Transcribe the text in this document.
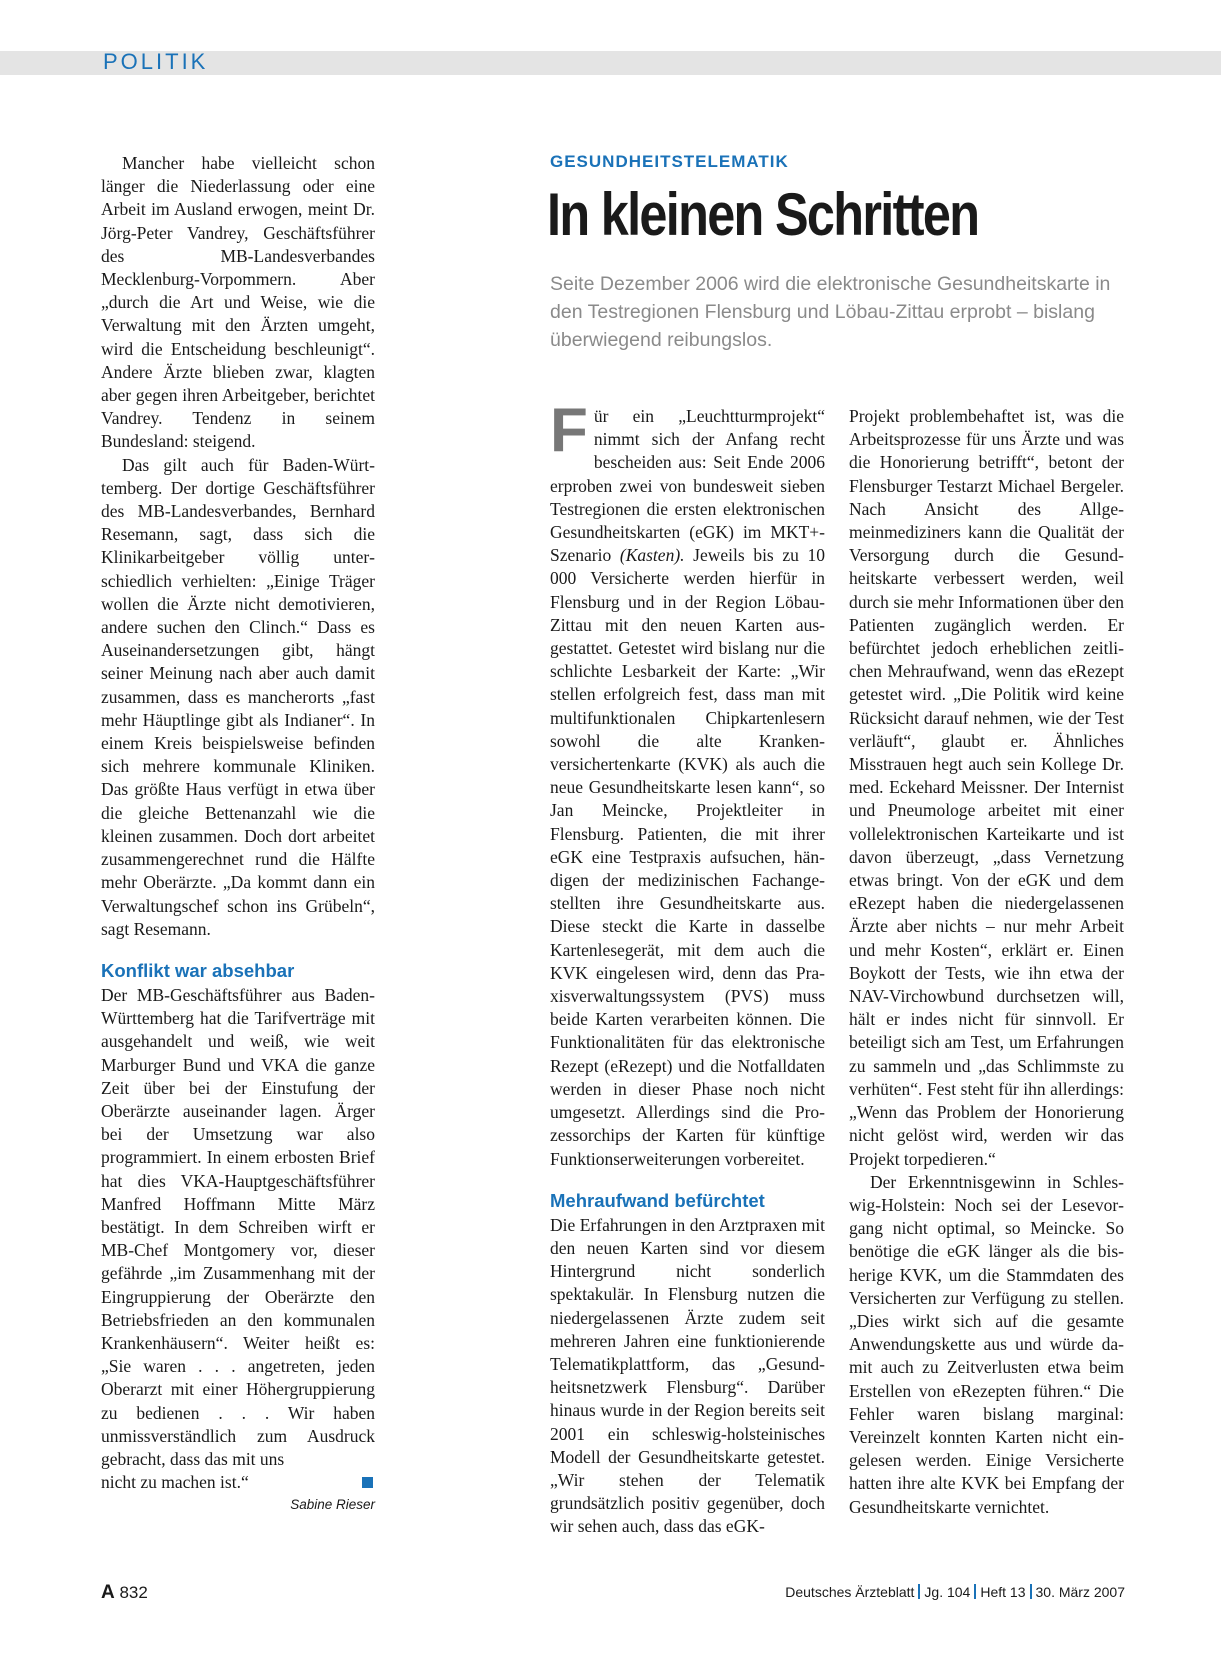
POLITIK
GESUNDHEITSTELEMATIK
In kleinen Schritten
Seite Dezember 2006 wird die elektronische Gesundheitskarte in den Testregionen Flensburg und Löbau-Zittau erprobt – bislang überwiegend reibungslos.

Mancher habe vielleicht schon länger die Niederlassung oder eine Arbeit im Ausland erwogen, meint Dr. Jörg-Peter Vandrey, Geschäftsführer des MB-Landesverbandes Mecklenburg-Vorpommern. Aber „durch die Art und Weise, wie die Verwaltung mit den Ärzten umgeht, wird die Entscheidung beschleunigt“. Andere Ärzte blieben zwar, klagten aber gegen ihren Arbeitgeber, berichtet Vandrey. Tendenz in seinem Bundesland: steigend.

Das gilt auch für Baden-Württemberg. Der dortige Geschäftsführer des MB-Landesverbandes, Bernhard Resemann, sagt, dass sich die Klinikarbeitgeber völlig unterschiedlich verhielten: „Einige Träger wollen die Ärzte nicht demotivieren, andere suchen den Clinch.“ Dass es Auseinandersetzungen gibt, hängt seiner Meinung nach aber auch damit zusammen, dass es mancherorts „fast mehr Häuptlinge gibt als Indianer“. In einem Kreis beispielsweise befinden sich mehrere kommunale Kliniken. Das größte Haus verfügt in etwa über die gleiche Bettenanzahl wie die kleinen zusammen. Doch dort arbeitet zusammengerechnet rund die Hälfte mehr Oberärzte. „Da kommt dann ein Verwaltungschef schon ins Grübeln“, sagt Resemann.

Konflikt war absehbar

Der MB-Geschäftsführer aus Baden-Württemberg hat die Tarifverträge mit ausgehandelt und weiß, wie weit Marburger Bund und VKA die ganze Zeit über bei der Einstufung der Oberärzte auseinander lagen. Ärger bei der Umsetzung war also programmiert. In einem erbosten Brief hat dies VKA-Hauptgeschäftsführer Manfred Hoffmann Mitte März bestätigt. In dem Schreiben wirft er MB-Chef Montgomery vor, dieser gefährde „im Zusammenhang mit der Eingruppierung der Oberärzte den Betriebsfrieden an den kommunalen Krankenhäusern“. Weiter heißt es: „Sie waren . . . angetreten, jeden Oberarzt mit einer Höhergruppierung zu bedienen . . . Wir haben unmissverständlich zum Ausdruck gebracht, dass das mit uns

nicht zu machen ist.“
Sabine Rieser

Für ein „Leuchtturmprojekt“ nimmt sich der Anfang recht bescheiden aus: Seit Ende 2006 erproben zwei von bundesweit sieben Testregionen die ersten elektronischen Gesundheitskarten (eGK) im MKT+-Szenario (Kasten). Jeweils bis zu 10 000 Versicherte werden hierfür in Flensburg und in der Region Löbau-Zittau mit den neuen Karten ausgestattet. Getestet wird bislang nur die schlichte Lesbarkeit der Karte: „Wir stellen erfolgreich fest, dass man mit multifunktionalen Chipkartenlesern sowohl die alte Krankenversichertenkarte (KVK) als auch die neue Gesundheitskarte lesen kann“, so Jan Meincke, Projektleiter in Flensburg. Patienten, die mit ihrer eGK eine Testpraxis aufsuchen, händigen der medizinischen Fachangestellten ihre Gesundheitskarte aus. Diese steckt die Karte in dasselbe Kartenlesegerät, mit dem auch die KVK eingelesen wird, denn das Praxisverwaltungssystem (PVS) muss beide Karten verarbeiten können. Die Funktionalitäten für das elektronische Rezept (eRezept) und die Notfalldaten werden in dieser Phase noch nicht umgesetzt. Allerdings sind die Prozessorchips der Karten für künftige Funktionserweiterungen vorbereitet.

Mehraufwand befürchtet

Die Erfahrungen in den Arztpraxen mit den neuen Karten sind vor diesem Hintergrund nicht sonderlich spektakulär. In Flensburg nutzen die niedergelassenen Ärzte zudem seit mehreren Jahren eine funktionierende Telematikplattform, das „Gesundheitsnetzwerk Flensburg“. Darüber hinaus wurde in der Region bereits seit 2001 ein schleswig-holsteinisches Modell der Gesundheitskarte getestet. „Wir stehen der Telematik grundsätzlich positiv gegenüber, doch wir sehen auch, dass das eGK-

Projekt problembehaftet ist, was die Arbeitsprozesse für uns Ärzte und was die Honorierung betrifft“, betont der Flensburger Testarzt Michael Bergeler. Nach Ansicht des Allgemeinmediziners kann die Qualität der Versorgung durch die Gesundheitskarte verbessert werden, weil durch sie mehr Informationen über den Patienten zugänglich werden. Er befürchtet jedoch erheblichen zeitlichen Mehraufwand, wenn das eRezept getestet wird. „Die Politik wird keine Rücksicht darauf nehmen, wie der Test verläuft“, glaubt er. Ähnliches Misstrauen hegt auch sein Kollege Dr. med. Eckehard Meissner. Der Internist und Pneumologe arbeitet mit einer vollelektronischen Karteikarte und ist davon überzeugt, „dass Vernetzung etwas bringt. Von der eGK und dem eRezept haben die niedergelassenen Ärzte aber nichts – nur mehr Arbeit und mehr Kosten“, erklärt er. Einen Boykott der Tests, wie ihn etwa der NAV-Virchowbund durchsetzen will, hält er indes nicht für sinnvoll. Er beteiligt sich am Test, um Erfahrungen zu sammeln und „das Schlimmste zu verhüten“. Fest steht für ihn allerdings: „Wenn das Problem der Honorierung nicht gelöst wird, werden wir das Projekt torpedieren.“

Der Erkenntnisgewinn in Schleswig-Holstein: Noch sei der Lesevorgang nicht optimal, so Meincke. So benötige die eGK länger als die bisherige KVK, um die Stammdaten des Versicherten zur Verfügung zu stellen. „Dies wirkt sich auf die gesamte Anwendungskette aus und würde damit auch zu Zeitverlusten etwa beim Erstellen von eRezepten führen.“ Die Fehler waren bislang marginal: Vereinzelt konnten Karten nicht eingelesen werden. Einige Versicherte hatten ihre alte KVK bei Empfang der Gesundheitskarte vernichtet.

A 832	Deutsches Ärzteblatt Jg. 104 Heft 13 30. März 2007
